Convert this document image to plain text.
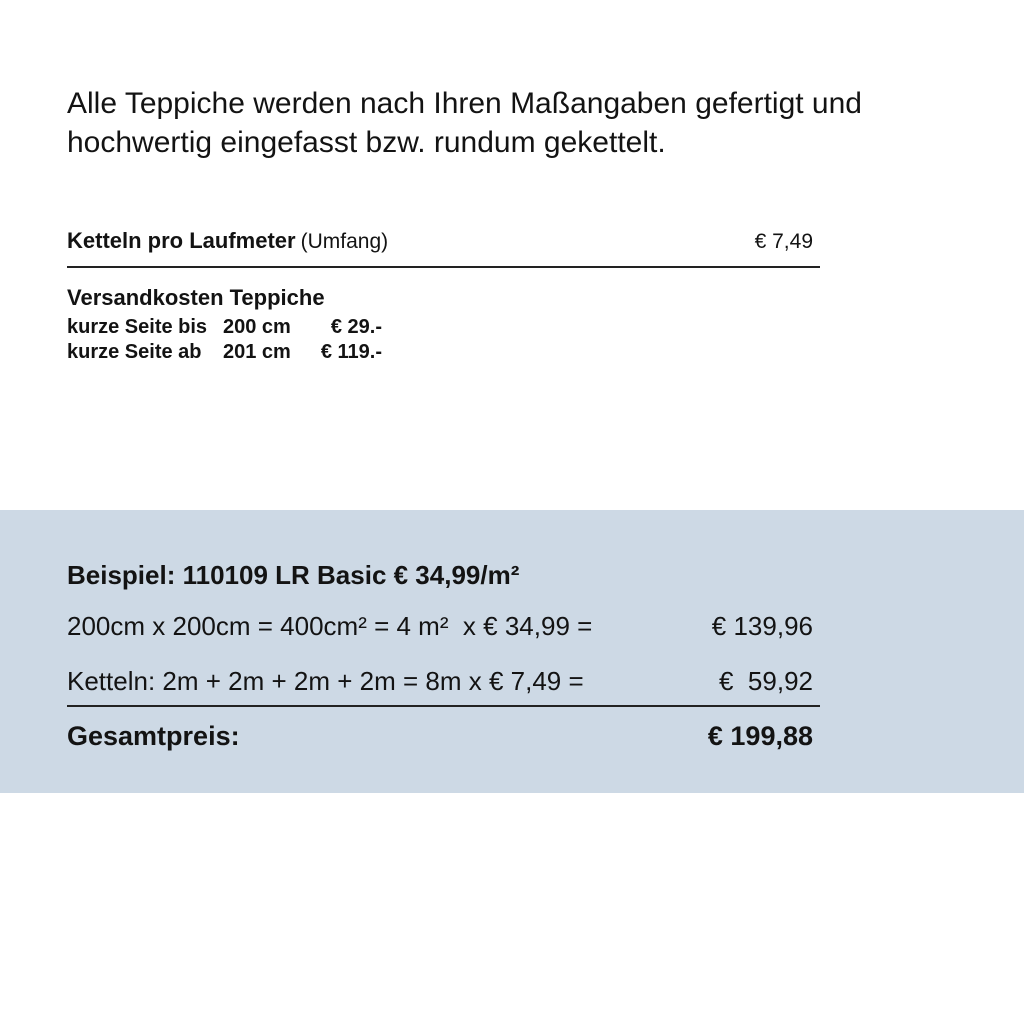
Alle Teppiche werden nach Ihren Maßangaben gefertigt und
hochwertig eingefasst bzw. rundum gekettelt.
Ketteln pro Laufmeter (Umfang)	€ 7,49
Versandkosten Teppiche
kurze Seite bis 200 cm	€ 29.-
kurze Seite ab	201 cm	€ 119.-
Beispiel: 110109 LR Basic € 34,99/m²
200cm x 200cm = 400cm² = 4 m²  x € 34,99 =	€ 139,96
Ketteln: 2m + 2m + 2m + 2m = 8m x € 7,49 =	€  59,92
Gesamtpreis:	€ 199,88
